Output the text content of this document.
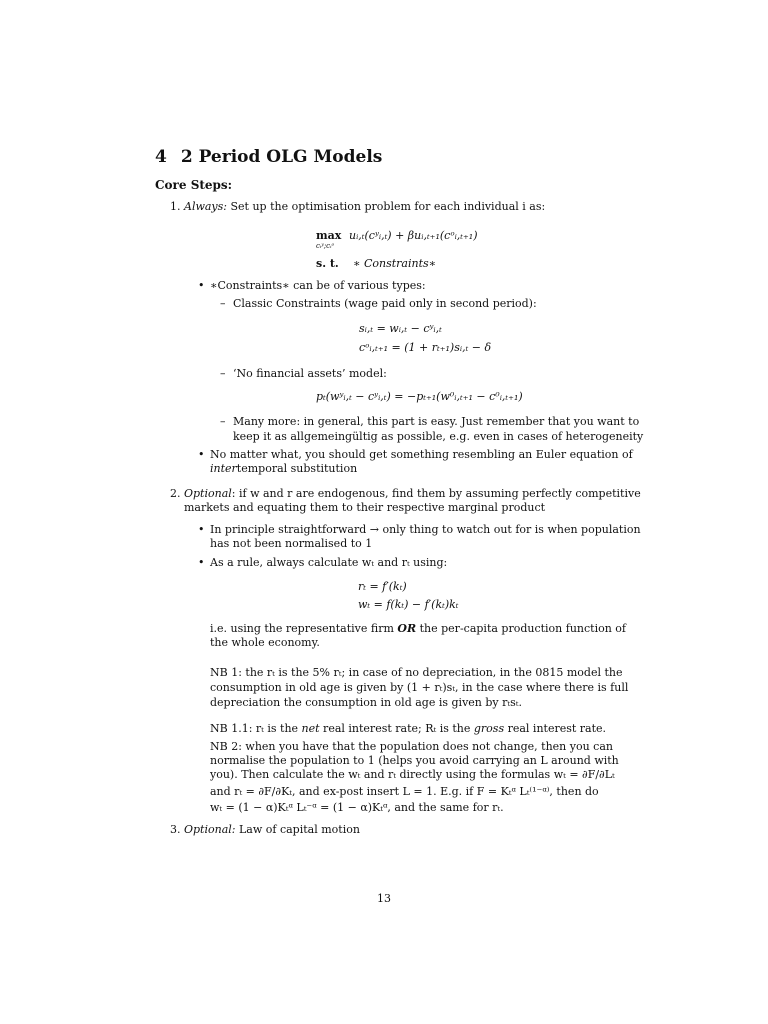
4 2 Period OLG Models
Core Steps:
1. Always: Set up the optimisation problem for each individual i as:
max
cᵢʸ;cᵢᵒ
uᵢ,ₜ(cʸᵢ,ₜ) + βuᵢ,ₜ₊₁(cᵒᵢ,ₜ₊₁)
s. t. ∗ Constraints∗
• ∗Constraints∗ can be of various types:
– Classic Constraints (wage paid only in second period):
sᵢ,ₜ = wᵢ,ₜ − cʸᵢ,ₜ
cᵒᵢ,ₜ₊₁ = (1 + rₜ₊₁)sᵢ,ₜ − δ
– ‘No financial assets’ model:
pₜ(wʸᵢ,ₜ − cʸᵢ,ₜ) = −pₜ₊₁(w⁰ᵢ,ₜ₊₁ − c⁰ᵢ,ₜ₊₁)
– Many more: in general, this part is easy. Just remember that you want to
keep it as allgemeingültig as possible, e.g. even in cases of heterogeneity
• No matter what, you should get something resembling an Euler equation of
intertemporal substitution
2. Optional: if w and r are endogenous, find them by assuming perfectly competitive
markets and equating them to their respective marginal product
• In principle straightforward → only thing to watch out for is when population
has not been normalised to 1
• As a rule, always calculate wₜ and rₜ using:
rₜ = f′(kₜ)
wₜ = f(kₜ) − f′(kₜ)kₜ
i.e. using the representative firm OR the per-capita production function of
the whole economy.
NB 1: the rₜ is the 5% rₜ; in case of no depreciation, in the 0815 model the
consumption in old age is given by (1 + rₜ)sₜ, in the case where there is full
depreciation the consumption in old age is given by rₜsₜ.
NB 1.1: rₜ is the net real interest rate; Rₜ is the gross real interest rate.
NB 2: when you have that the population does not change, then you can
normalise the population to 1 (helps you avoid carrying an L around with
you). Then calculate the wₜ and rₜ directly using the formulas wₜ = ∂F/∂Lₜ
and rₜ = ∂F/∂Kₜ, and ex-post insert L = 1. E.g. if F = Kₜᵅ Lₜ⁽¹⁻ᵅ⁾, then do
wₜ = (1 − α)Kₜᵅ Lₜ⁻ᵅ = (1 − α)Kₜᵅ, and the same for rₜ.
3. Optional: Law of capital motion
13
